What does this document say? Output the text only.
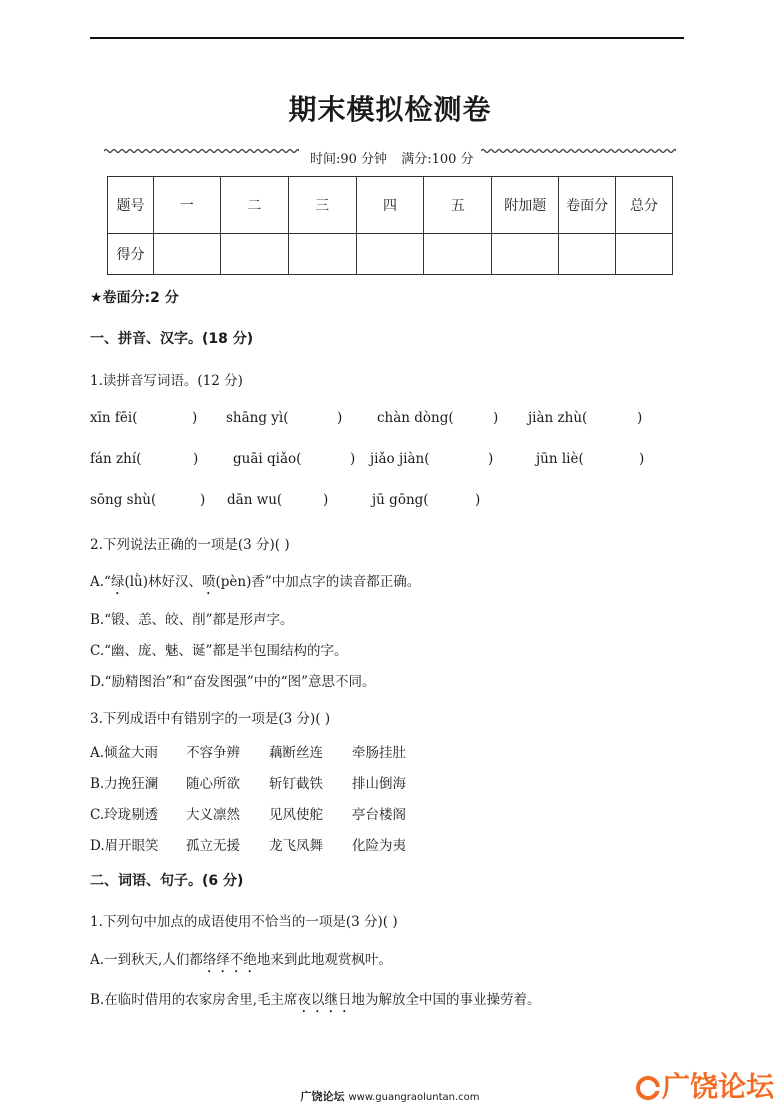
期末模拟检测卷
时间:90 分钟 满分:100 分
题号	一	二	三	四	五	附加题	卷面分	总分
得分								
★卷面分:2 分
一、拼音、汉字。(18 分)
1.读拼音写词语。(12 分)
xīn fēi(	) shāng yì(	)	chàn dòng(	) jiàn zhù(	)
fán zhí(	)	guāi qiǎo(	) jiǎo jiàn(	)	jūn liè(	)
sōng shù(	) dān wu(	)	jū gōng(	)
2.下列说法正确的一项是(3 分)( )
A.“绿(lǜ)林好汉、喷(pèn)香”中加点字的读音都正确。
B.“锻、恙、皎、削”都是形声字。
C.“幽、庞、魅、诞”都是半包围结构的字。
D.“励精图治”和“奋发图强”中的“图”意思不同。
3.下列成语中有错别字的一项是(3 分)( )
A.倾盆大雨 不容争辨 藕断丝连 牵肠挂肚
B.力挽狂澜 随心所欲 斩钉截铁 排山倒海
C.玲珑剔透 大义凛然 见风使舵 亭台楼阁
D.眉开眼笑 孤立无援 龙飞凤舞 化险为夷
二、词语、句子。(6 分)
1.下列句中加点的成语使用不恰当的一项是(3 分)( )
A.一到秋天,人们都络绎不绝地来到此地观赏枫叶。
B.在临时借用的农家房舍里,毛主席夜以继日地为解放全中国的事业操劳着。
广饶论坛 www.guangraoluntan.com	广饶论坛
